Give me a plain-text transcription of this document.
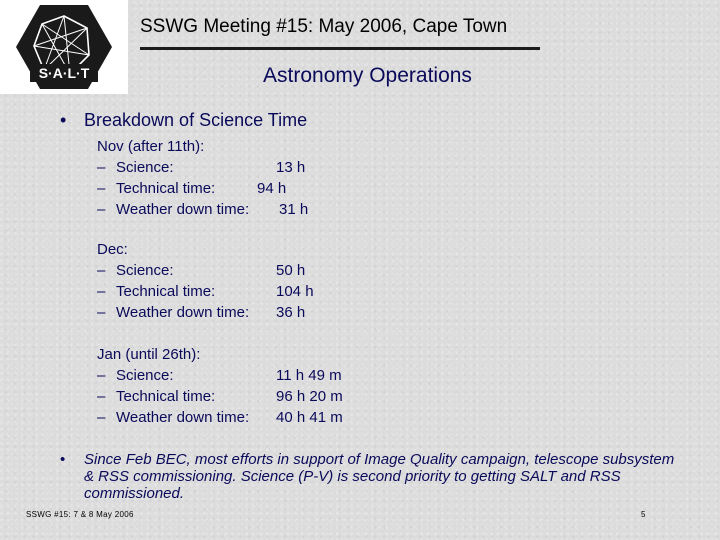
S·A·L·T
SSWG Meeting #15: May 2006, Cape Town
Astronomy Operations
• Breakdown of Science Time
Nov (after 11th):
– Science:	13 h
– Technical time:	94 h
– Weather down time: 31 h
Dec:
– Science:	50 h
– Technical time:	104 h
– Weather down time: 36 h
Jan (until 26th):
– Science:	11 h 49 m
– Technical time:	96 h 20 m
– Weather down time: 40 h 41 m
• Since Feb BEC, most efforts in support of Image Quality campaign, telescope subsystem & RSS commissioning. Science (P-V) is second priority to getting SALT and RSS commissioned.
SSWG #15: 7 & 8 May 2006	5
